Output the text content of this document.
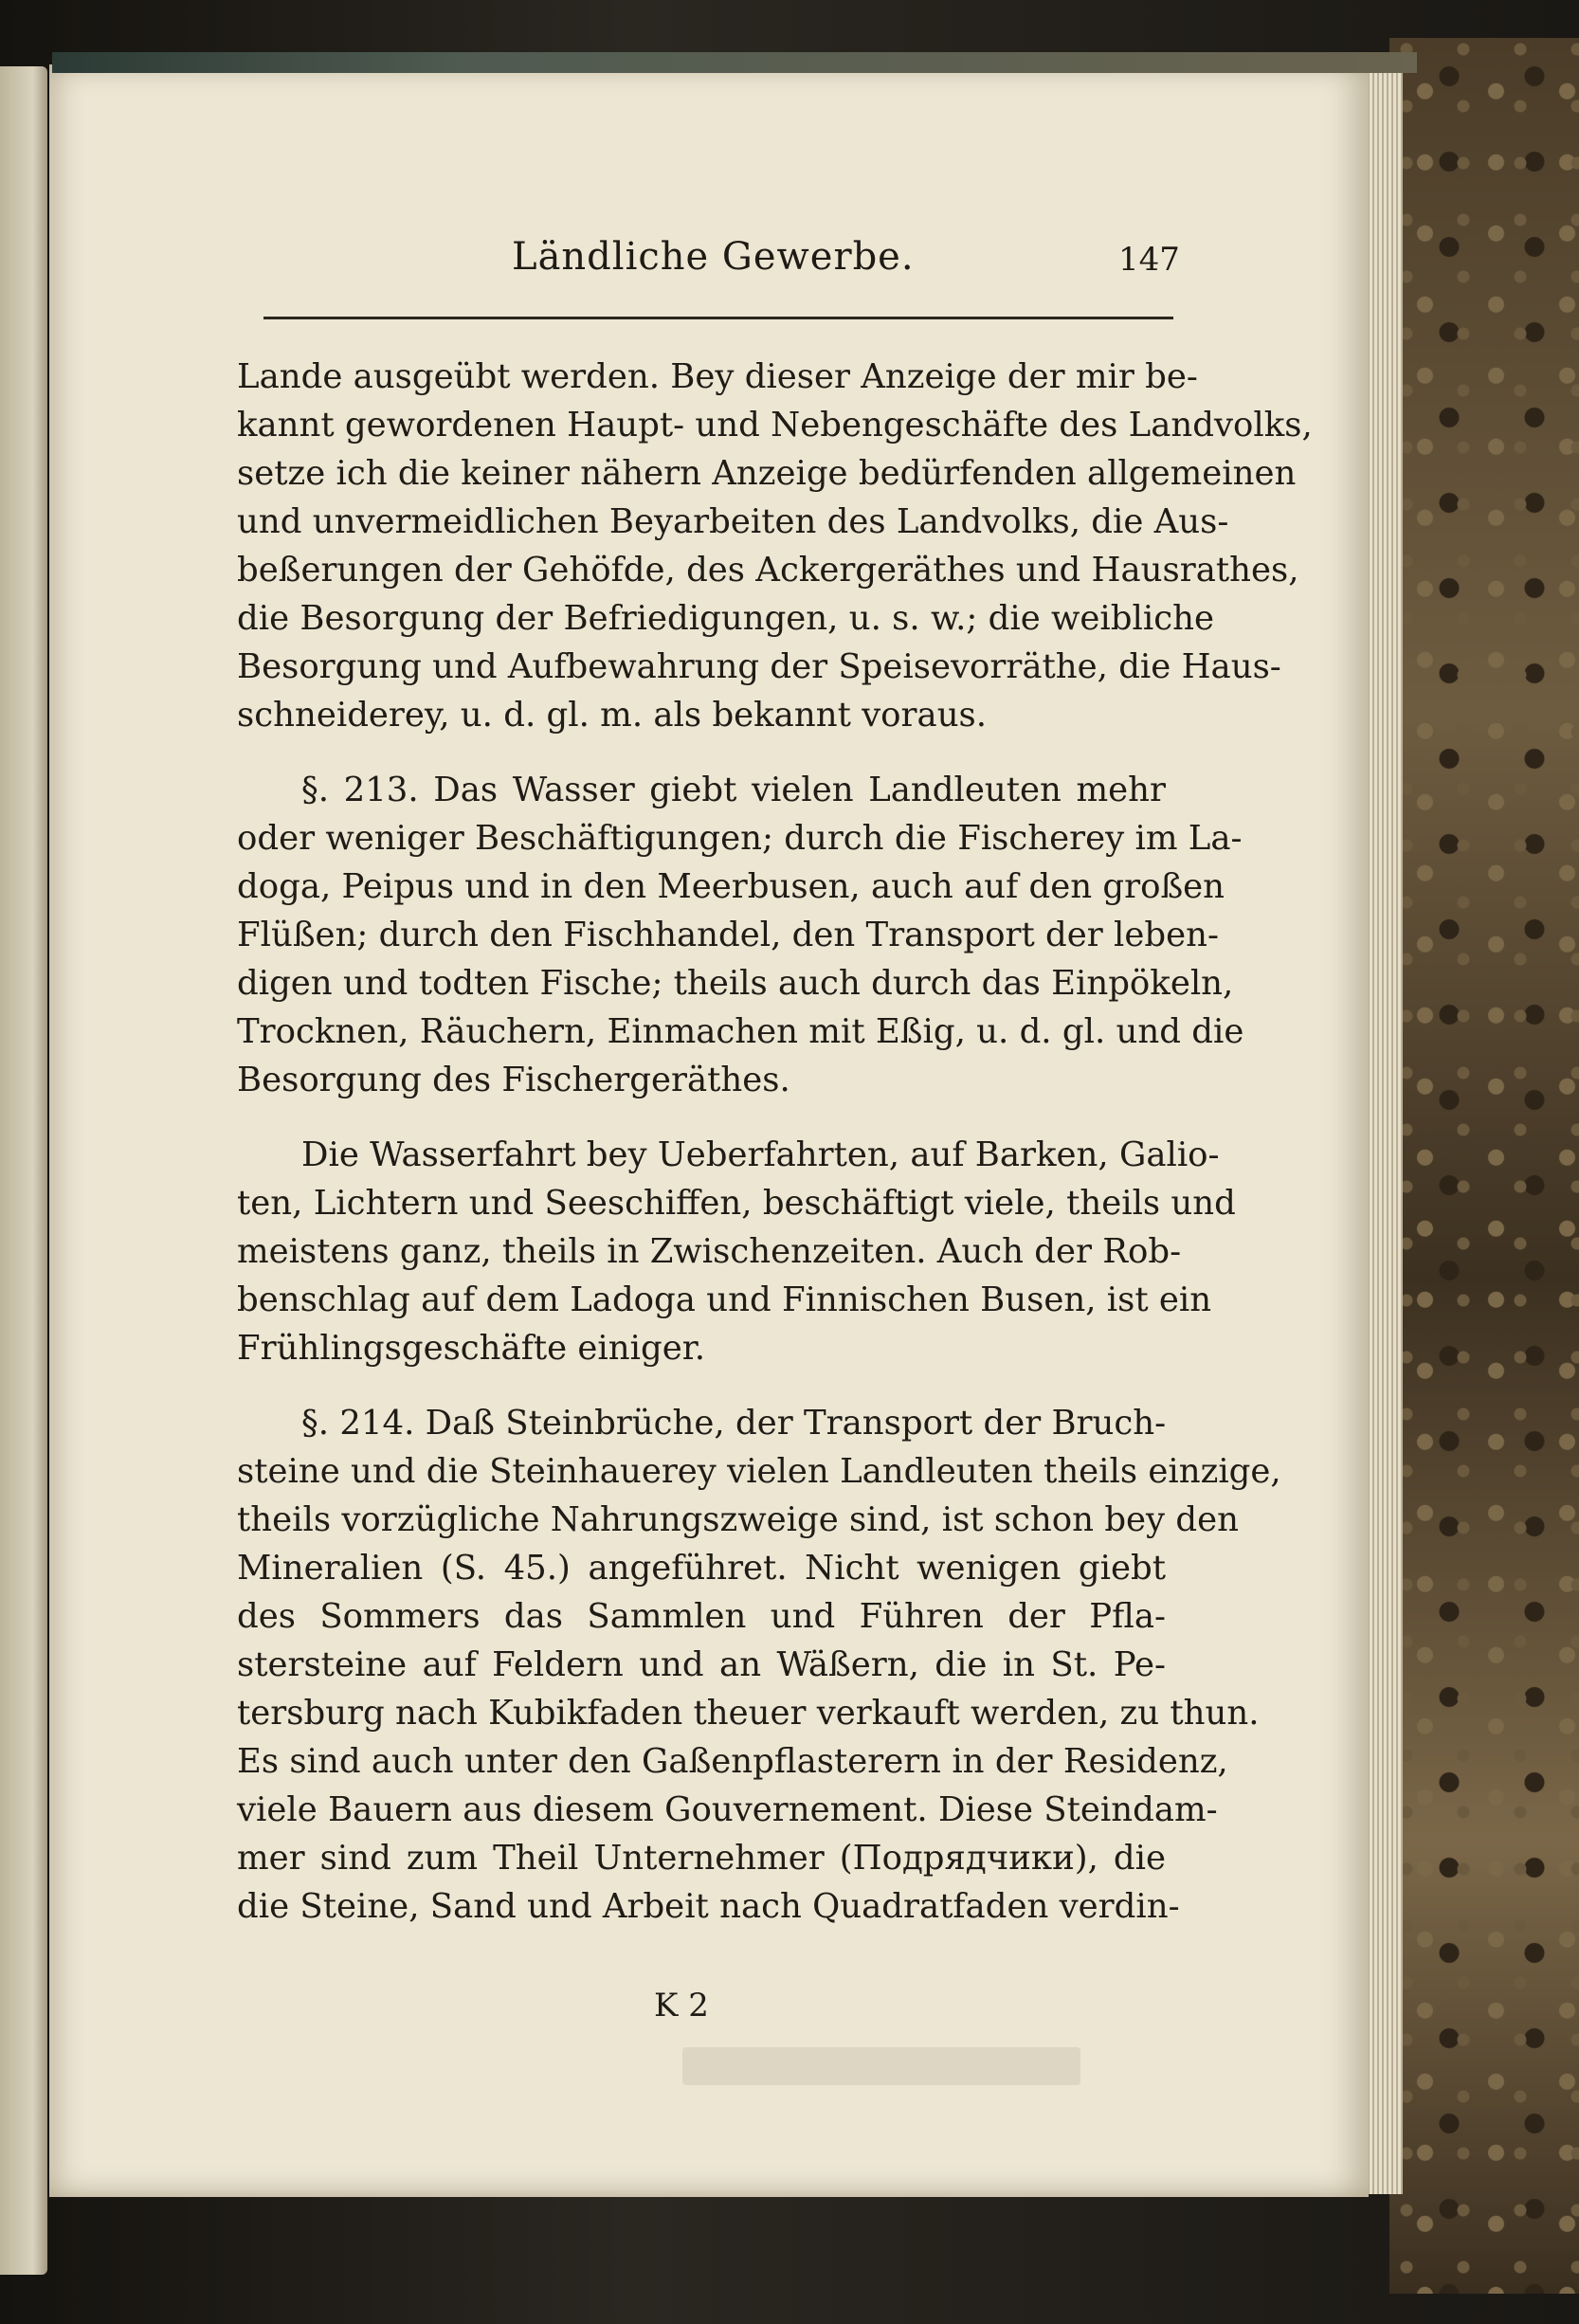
Ländliche Gewerbe.	147
Lande ausgeübt werden. Bey dieser Anzeige der mir be-
kannt gewordenen Haupt- und Nebengeschäfte des Landvolks,
setze ich die keiner nähern Anzeige bedürfenden allgemeinen
und unvermeidlichen Beyarbeiten des Landvolks, die Aus-
beßerungen der Gehöfde, des Ackergeräthes und Hausrathes,
die Besorgung der Befriedigungen, u. s. w.; die weibliche
Besorgung und Aufbewahrung der Speisevorräthe, die Haus-
schneiderey, u. d. gl. m. als bekannt voraus.
§. 213. Das Wasser giebt vielen Landleuten mehr
oder weniger Beschäftigungen; durch die Fischerey im La-
doga, Peipus und in den Meerbusen, auch auf den großen
Flüßen; durch den Fischhandel, den Transport der leben-
digen und todten Fische; theils auch durch das Einpökeln,
Trocknen, Räuchern, Einmachen mit Eßig, u. d. gl. und die
Besorgung des Fischergeräthes.
Die Wasserfahrt bey Ueberfahrten, auf Barken, Galio-
ten, Lichtern und Seeschiffen, beschäftigt viele, theils und
meistens ganz, theils in Zwischenzeiten. Auch der Rob-
benschlag auf dem Ladoga und Finnischen Busen, ist ein
Frühlingsgeschäfte einiger.
§. 214. Daß Steinbrüche, der Transport der Bruch-
steine und die Steinhauerey vielen Landleuten theils einzige,
theils vorzügliche Nahrungszweige sind, ist schon bey den
Mineralien (S. 45.) angeführet. Nicht wenigen giebt
des Sommers das Sammlen und Führen der Pfla-
stersteine auf Feldern und an Wäßern, die in St. Pe-
tersburg nach Kubikfaden theuer verkauft werden, zu thun.
Es sind auch unter den Gaßenpflasterern in der Residenz,
viele Bauern aus diesem Gouvernement. Diese Steindam-
mer sind zum Theil Unternehmer (Подрядчики), die
die Steine, Sand und Arbeit nach Quadratfaden verdin-
K 2
